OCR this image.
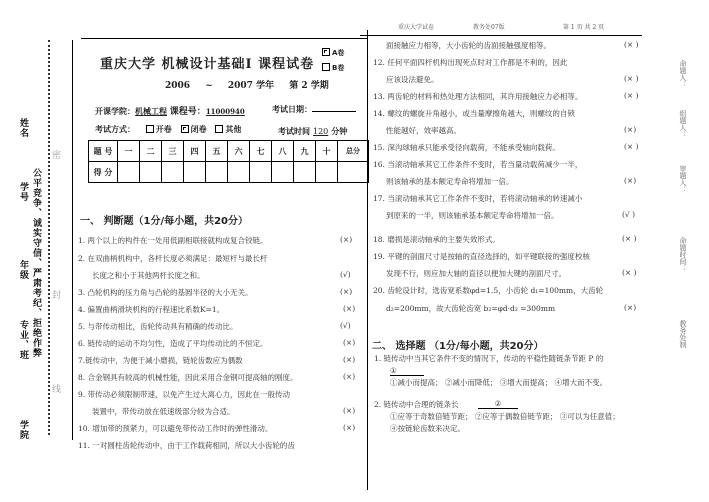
姓名
学号
年级
专业、班
学院
公平竞争、诚实守信、严肃考纪、拒绝作弊
密
封
线
重庆大学试卷	教务处07版	第 1 页 共 2 页
重庆大学 机械设计基础Ⅰ 课程试卷
A卷
B卷
2006 ~ 2007 学年 第 2 学期
开课学院：机械工程 课程号：11000940	考试日期：
考试方式：	开卷 闭卷 其他	考试时间 120 分钟
题 号	一	二	三	四	五	六	七	八	九	十	总分
得 分											
一、 判断题（1分/每小题，共20分）
1. 两个以上的构件在一处用低副相联接就构成复合铰链。	(×)
2. 在双曲柄机构中，各杆长度必须满足：最短杆与最长杆
长度之和小于其他两杆长度之和。	(√)
3. 凸轮机构的压力角与凸轮的基圆半径的大小无关。	(×)
4. 偏置曲柄滑块机构的行程速比系数K=1。	(×)
5. 与带传动相比，齿轮传动具有精确的传动比。	(√)
6. 链传动的运动不均匀性，造成了平均传动比的不恒定。	(×)
7.链传动中，为便于减小磨损，链轮齿数应为偶数	(×)
8. 合金钢具有较高的机械性能，因此采用合金钢可提高轴的刚度。	(×)
9. 带传动必须限制带速，以免产生过大离心力，因此在一般传动
装置中，带传动放在低速级部分较为合适。	(×)
10. 增加带的预紧力，可以避免带传动工作时的弹性滑动。	(×)
11. 一对圆柱齿轮传动中，由于工作载荷相同，所以大小齿轮的齿
面接触应力相等，大小齿轮的齿面接触强度相等。	(× )
12. 任何平面四杆机构出现死点时对工作都是不利的，因此
应该设法避免。	(× )
13. 两齿轮的材料和热处理方法相同，其许用接触应力必相等。	(× )
14. 螺纹的螺旋升角越小，或当量摩擦角越大，则螺纹的自锁
性能越好，效率越高。	(×)
15. 深沟球轴承只能承受径向载荷，不能承受轴向载荷。	(× )
16. 当滚动轴承其它工作条件不变时，若当量动载荷减少一半，
则该轴承的基本额定寿命将增加一倍。	(×)
17. 当滚动轴承其它工作条件不变时，若将滚动轴承的转速减小
到原来的一半，则该轴承基本额定寿命将增加一倍。	(√ )
18. 磨损是滚动轴承的主要失效形式。	(× )
19. 平键的剖面尺寸是按轴的直径选择的，如平键联接的强度校核
发现不行，则应加大轴的直径以便加大键的剖面尺寸。	(× )
20. 齿轮设计时，选齿宽系数φd=1.5，小齿轮 d₁=100mm，大齿轮
d₂=200mm，故大齿轮齿宽 b₂=φd·d₂ =300mm	(×)
二、 选择题 （1分/每小题，共20分）
1. 链传动中当其它条件不变的情况下，传动的平稳性随链条节距 P 的
①
①减小而提高； ②减小而降低； ③增大而提高； ④增大而不变。
2. 链传动中合理的链条长	②
①应等于奇数倍链节距； ②应等于偶数倍链节距； ③可以为任意值；
④按链轮齿数来决定。
命题人：
组题人：
审题人：
命题时间：
教务处制
